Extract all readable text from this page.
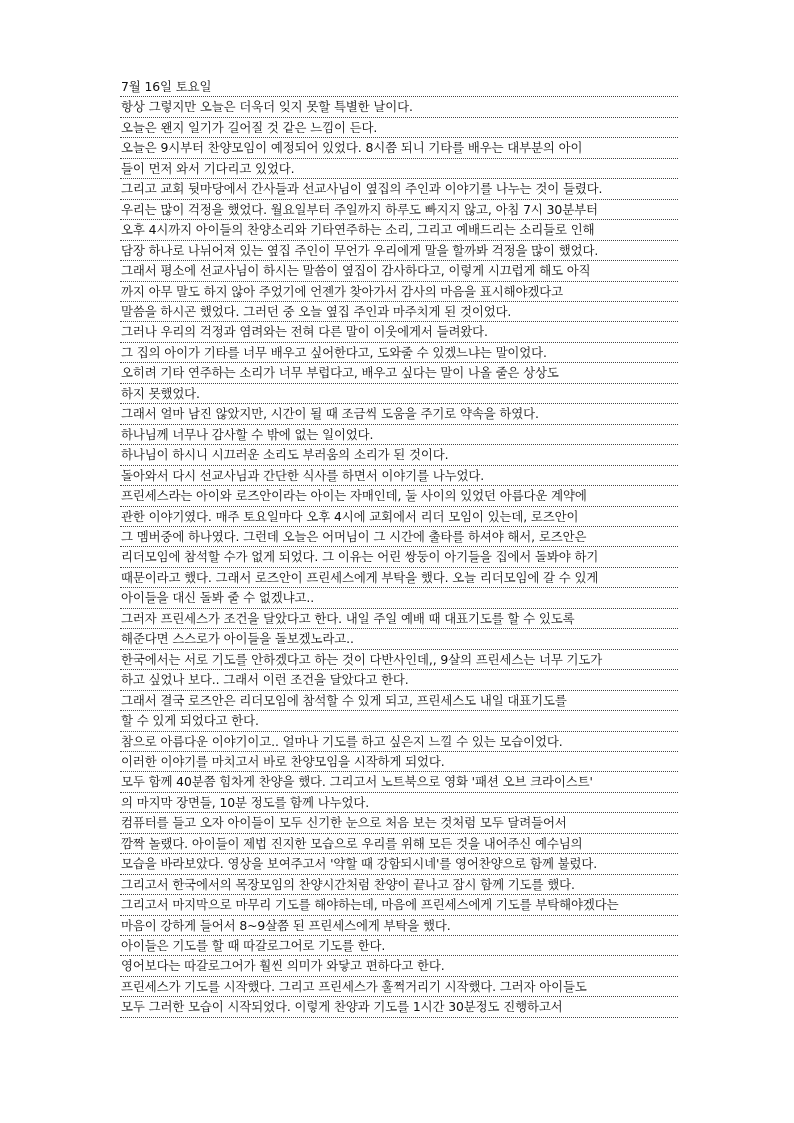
7월 16일 토요일
항상 그렇지만 오늘은 더욱더 잊지 못할 특별한 날이다.
오늘은 왠지 일기가 길어질 것 같은 느낌이 든다.
오늘은 9시부터 찬양모임이 예정되어 있었다. 8시쯤 되니 기타를 배우는 대부분의 아이
들이 먼저 와서 기다리고 있었다.
그리고 교회 뒷마당에서 간사들과 선교사님이 옆집의 주인과 이야기를 나누는 것이 들렸다.
우리는 많이 걱정을 했었다. 월요일부터 주일까지 하루도 빠지지 않고, 아침 7시 30분부터
오후 4시까지 아이들의 찬양소리와 기타연주하는 소리, 그리고 예배드리는 소리들로 인해
담장 하나로 나뉘어져 있는 옆집 주인이 무언가 우리에게 말을 할까봐 걱정을 많이 했었다.
그래서 평소에 선교사님이 하시는 말씀이 옆집이 감사하다고, 이렇게 시끄럽게 해도 아직
까지 아무 말도 하지 않아 주었기에 언젠가 찾아가서 감사의 마음을 표시해야겠다고
말씀을 하시곤 했었다. 그러던 중 오늘 옆집 주인과 마주치게 된 것이었다.
그러나 우리의 걱정과 염려와는 전혀 다른 말이 이웃에게서 들려왔다.
그 집의 아이가 기타를 너무 배우고 싶어한다고, 도와줄 수 있겠느냐는 말이었다.
오히려 기타 연주하는 소리가 너무 부럽다고, 배우고 싶다는 말이 나올 줄은 상상도
하지 못했었다.
그래서 얼마 남진 않았지만, 시간이 될 때 조금씩 도움을 주기로 약속을 하였다.
하나님께 너무나 감사할 수 밖에 없는 일이었다.
하나님이 하시니 시끄러운 소리도 부러움의 소리가 된 것이다.
돌아와서 다시 선교사님과 간단한 식사를 하면서 이야기를 나누었다.
프린세스라는 아이와 로즈안이라는 아이는 자매인데, 둘 사이의 있었던 아름다운 계약에
관한 이야기였다. 매주 토요일마다 오후 4시에 교회에서 리더 모임이 있는데, 로즈안이
그 멤버중에 하나였다. 그런데 오늘은 어머님이 그 시간에 출타를 하셔야 해서, 로즈안은
리더모임에 참석할 수가 없게 되었다. 그 이유는 어린 쌍둥이 아기들을 집에서 돌봐야 하기
때문이라고 했다. 그래서 로즈안이 프린세스에게 부탁을 했다. 오늘 리더모임에 갈 수 있게
아이들을 대신 돌봐 줄 수 없겠냐고..
그러자 프린세스가 조건을 달았다고 한다. 내일 주일 예배 때 대표기도를 할 수 있도록
해준다면 스스로가 아이들을 돌보겠노라고..
한국에서는 서로 기도를 안하겠다고 하는 것이 다반사인데,, 9살의 프린세스는 너무 기도가
하고 싶었나 보다.. 그래서 이런 조건을 달았다고 한다.
그래서 결국 로즈안은 리더모임에 참석할 수 있게 되고, 프린세스도 내일 대표기도를
할 수 있게 되었다고 한다.
참으로 아름다운 이야기이고.. 얼마나 기도를 하고 싶은지 느낄 수 있는 모습이었다.
이러한 이야기를 마치고서 바로 찬양모임을 시작하게 되었다.
모두 함께 40분쯤 힘차게 찬양을 했다. 그리고서 노트북으로 영화 '패션 오브 크라이스트'
의 마지막 장면들, 10분 정도를 함께 나누었다.
컴퓨터를 들고 오자 아이들이 모두 신기한 눈으로 처음 보는 것처럼 모두 달려들어서
깜짝 놀랬다. 아이들이 제법 진지한 모습으로 우리를 위해 모든 것을 내어주신 예수님의
모습을 바라보았다. 영상을 보여주고서 '약할 때 강함되시네'를 영어찬양으로 함께 불렀다.
그리고서 한국에서의 목장모임의 찬양시간처럼 찬양이 끝나고 잠시 함께 기도를 했다.
그리고서 마지막으로 마무리 기도를 해야하는데, 마음에 프린세스에게 기도를 부탁해야겠다는
마음이 강하게 들어서 8~9살쯤 된 프린세스에게 부탁을 했다.
아이들은 기도를 할 때 따갈로그어로 기도를 한다.
영어보다는 따갈로그어가 훨씬 의미가 와닿고 편하다고 한다.
프린세스가 기도를 시작했다. 그리고 프린세스가 훌쩍거리기 시작했다. 그러자 아이들도
모두 그러한 모습이 시작되었다. 이렇게 찬양과 기도를 1시간 30분정도 진행하고서
